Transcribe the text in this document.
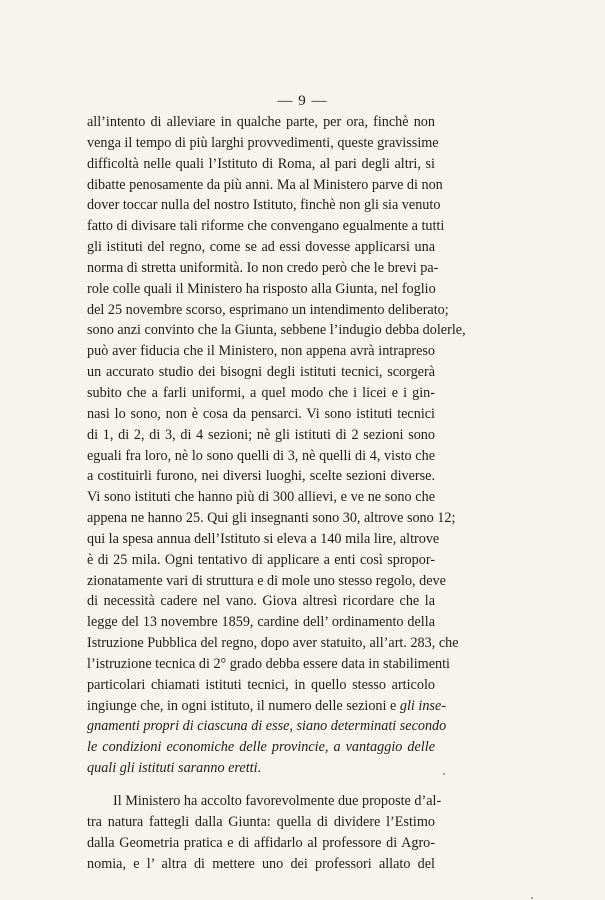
— 9 —
all’intento di alleviare in qualche parte, per ora, finchè non
venga il tempo di più larghi provvedimenti, queste gravissime
difficoltà nelle quali l’Istituto di Roma, al pari degli altri, si
dibatte penosamente da più anni. Ma al Ministero parve di non
dover toccar nulla del nostro Istituto, finchè non gli sia venuto
fatto di divisare tali riforme che convengano egualmente a tutti
gli istituti del regno, come se ad essi dovesse applicarsi una
norma di stretta uniformità. Io non credo però che le brevi pa-
role colle quali il Ministero ha risposto alla Giunta, nel foglio
del 25 novembre scorso, esprimano un intendimento deliberato;
sono anzi convinto che la Giunta, sebbene l’indugio debba dolerle,
può aver fiducia che il Ministero, non appena avrà intrapreso
un accurato studio dei bisogni degli istituti tecnici, scorgerà
subito che a farli uniformi, a quel modo che i licei e i gin-
nasi lo sono, non è cosa da pensarci. Vi sono istituti tecnici
di 1, di 2, di 3, di 4 sezioni; nè gli istituti di 2 sezioni sono
eguali fra loro, nè lo sono quelli di 3, nè quelli di 4, visto che
a costituirli furono, nei diversi luoghi, scelte sezioni diverse.
Vi sono istituti che hanno più di 300 allievi, e ve ne sono che
appena ne hanno 25. Qui gli insegnanti sono 30, altrove sono 12;
qui la spesa annua dell’Istituto si eleva a 140 mila lire, altrove
è di 25 mila. Ogni tentativo di applicare a enti così spropor-
zionatamente vari di struttura e di mole uno stesso regolo, deve
di necessità cadere nel vano. Giova altresì ricordare che la
legge del 13 novembre 1859, cardine dell’ ordinamento della
Istruzione Pubblica del regno, dopo aver statuito, all’art. 283, che
l’istruzione tecnica di 2° grado debba essere data in stabilimenti
particolari chiamati istituti tecnici, in quello stesso articolo
ingiunge che, in ogni istituto, il numero delle sezioni e gli inse-
gnamenti propri di ciascuna di esse, siano determinati secondo
le condizioni economiche delle provincie, a vantaggio delle
quali gli istituti saranno eretti.
Il Ministero ha accolto favorevolmente due proposte d’al-
tra natura fattegli dalla Giunta: quella di dividere l’Estimo
dalla Geometria pratica e di affidarlo al professore di Agro-
nomia, e l’ altra di mettere uno dei professori allato del
